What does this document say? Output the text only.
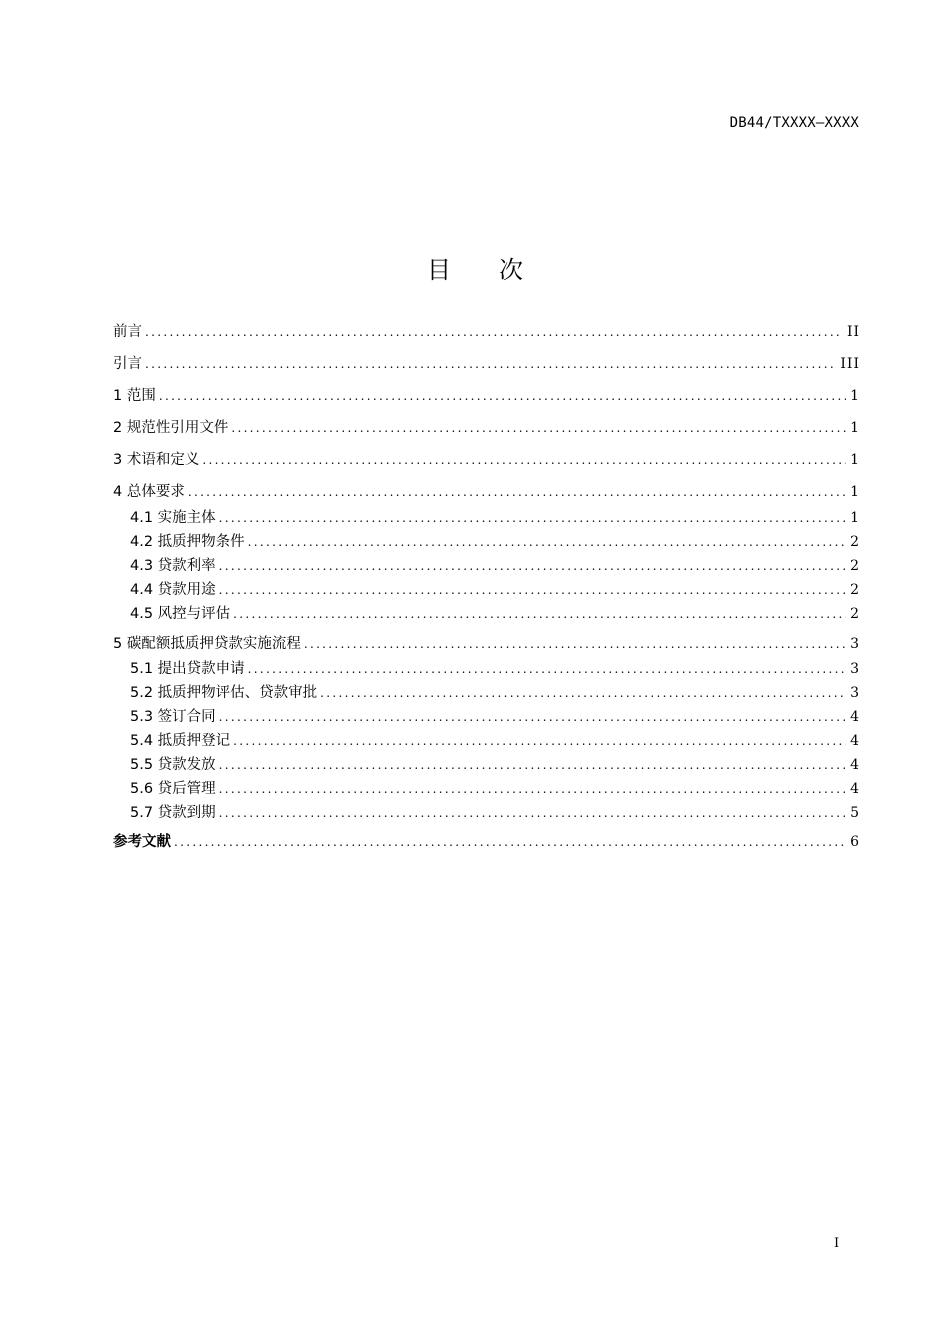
DB44/TXXXX—XXXX
目 次
前言 .....	II
引言 .....	III
1 范围 .....	1
2 规范性引用文件 .....	1
3 术语和定义 .....	1
4 总体要求 .....	1
4.1 实施主体 .....	1
4.2 抵质押物条件 .....	2
4.3 贷款利率 .....	2
4.4 贷款用途 .....	2
4.5 风控与评估 .....	2
5 碳配额抵质押贷款实施流程 .....	3
5.1 提出贷款申请 .....	3
5.2 抵质押物评估、贷款审批 .....	3
5.3 签订合同 .....	4
5.4 抵质押登记 .....	4
5.5 贷款发放 .....	4
5.6 贷后管理 .....	4
5.7 贷款到期 .....	5
参考文献 .....	6
I
